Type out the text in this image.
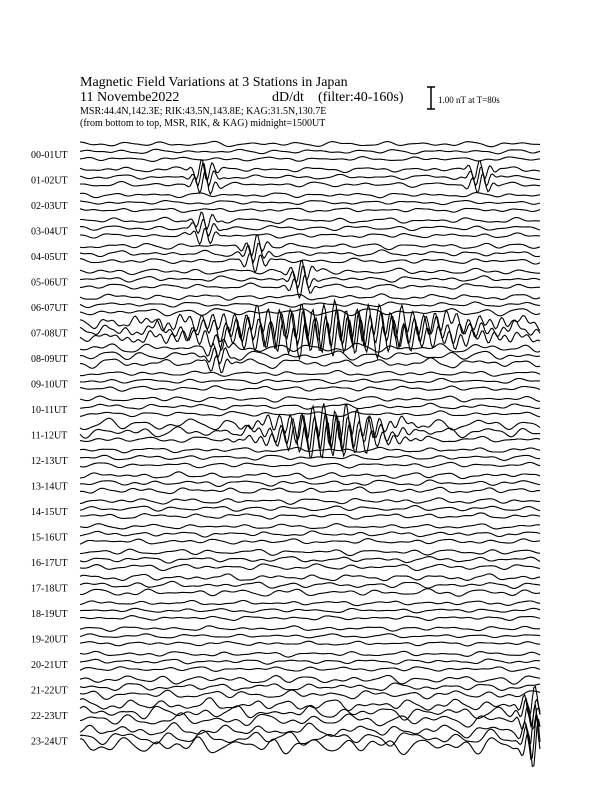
Magnetic Field Variations at 3 Stations in Japan
11 Novembe2022	dD/dt (filter:40-160s)
MSR:44.4N,142.3E; RIK:43.5N,143.8E; KAG:31.5N,130.7E
(from bottom to top, MSR, RIK, & KAG) midnight=1500UT
1.00 nT at T=80s
00-01UT
01-02UT
02-03UT
03-04UT
04-05UT
05-06UT
06-07UT
07-08UT
08-09UT
09-10UT
10-11UT
11-12UT
12-13UT
13-14UT
14-15UT
15-16UT
16-17UT
17-18UT
18-19UT
19-20UT
20-21UT
21-22UT
22-23UT
23-24UT
